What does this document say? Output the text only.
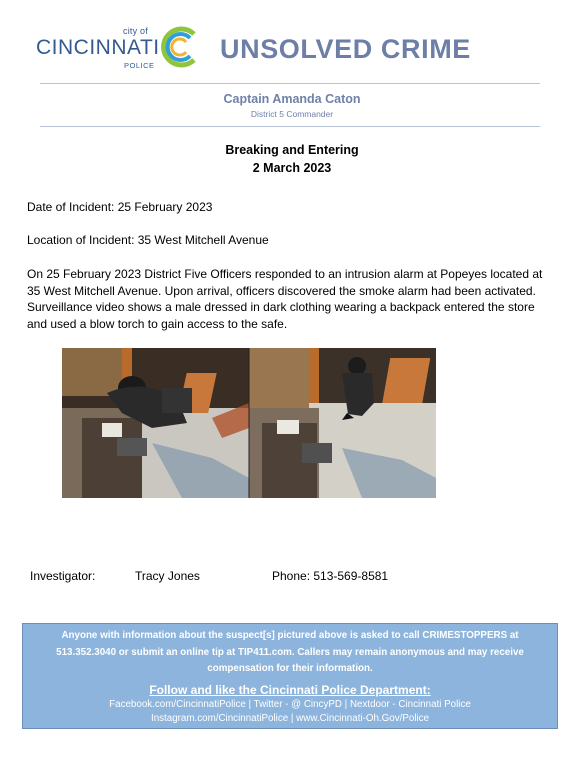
city of
CINCINNATI
POLICE
UNSOLVED CRIME
Captain Amanda Caton
District 5 Commander
Breaking and Entering
2 March 2023
Date of Incident: 25 February 2023
Location of Incident: 35 West Mitchell Avenue
On 25 February 2023 District Five Officers responded to an intrusion alarm at Popeyes located at 35 West Mitchell Avenue. Upon arrival, officers discovered the smoke alarm had been activated. Surveillance video shows a male dressed in dark clothing wearing a backpack entered the store and used a blow torch to gain access to the safe.
Investigator:	Tracy Jones	Phone: 513-569-8581
Anyone with information about the suspect[s] pictured above is asked to call CRIMESTOPPERS at
513.352.3040 or submit an online tip at TIP411.com. Callers may remain anonymous and may receive
compensation for their information.
Follow and like the Cincinnati Police Department:
Facebook.com/CincinnatiPolice | Twitter - @ CincyPD | Nextdoor - Cincinnati Police
Instagram.com/CincinnatiPolice | www.Cincinnati-Oh.Gov/Police
